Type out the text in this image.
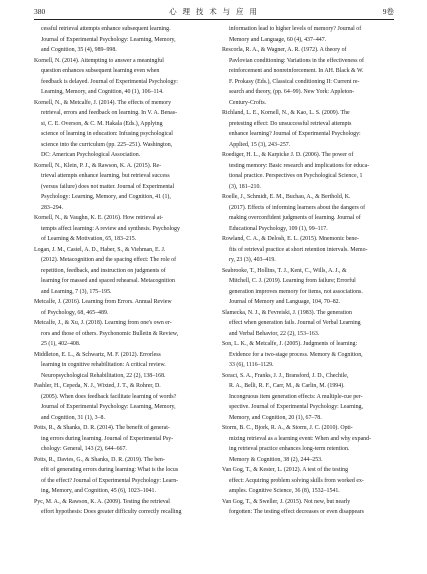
380	心 理 技 术 与 应 用	9卷
cessful retrieval attempts enhance subsequent learning.
Journal of Experimental Psychology: Learning, Memory,
and Cognition, 35 (4), 989–998.
Kornell, N. (2014). Attempting to answer a meaningful
question enhances subsequent learning even when
feedback is delayed. Journal of Experimental Psychology:
Learning, Memory, and Cognition, 40 (1), 106–114.
Kornell, N., & Metcalfe, J. (2014). The effects of memory
retrieval, errors and feedback on learning. In V. A. Benas-
si, C. E. Overson, & C. M. Hakala (Eds.), Applying
science of learning in education: Infusing psychological
science into the curriculum (pp. 225–251). Washington,
DC: American Psychological Association.
Kornell, N., Klein, P. J., & Rawson, K. A. (2015). Re-
trieval attempts enhance learning, but retrieval success
(versus failure) does not matter. Journal of Experimental
Psychology: Learning, Memory, and Cognition, 41 (1),
283–294.
Kornell, N., & Vaughn, K. E. (2016). How retrieval at-
tempts affect learning: A review and synthesis. Psychology
of Learning & Motivation, 65, 183–215.
Logan, J. M., Castel, A. D., Haber, S., & Viehman, E. J.
(2012). Metacognition and the spacing effect: The role of
repetition, feedback, and instruction on judgments of
learning for massed and spaced rehearsal. Metacognition
and Learning, 7 (3), 175–195.
Metcalfe, J. (2016). Learning from Errors. Annual Review
of Psychology, 68, 465–489.
Metcalfe, J., & Xu, J. (2018). Learning from one's own er-
rors and those of others. Psychonomic Bulletin & Review,
25 (1), 402–408.
Middleton, E. L., & Schwartz, M. F. (2012). Errorless
learning in cognitive rehabilitation: A critical review.
Neuropsychological Rehabilitation, 22 (2), 138–168.
Pashler, H., Cepeda, N. J., Wixted, J. T., & Rohrer, D.
(2005). When does feedback facilitate learning of words?
Journal of Experimental Psychology: Learning, Memory,
and Cognition, 31 (1), 3–8.
Potts, R., & Shanks, D. R. (2014). The benefit of generat-
ing errors during learning. Journal of Experimental Psy-
chology: General, 143 (2), 644–667.
Potts, R., Davies, G., & Shanks, D. R. (2019). The ben-
efit of generating errors during learning: What is the locus
of the effect? Journal of Experimental Psychology: Learn-
ing, Memory, and Cognition, 45 (6), 1023–1041.
Pyc, M. A., & Rawson, K. A. (2009). Testing the retrieval
effort hypothesis: Does greater difficulty correctly recalling
information lead to higher levels of memory? Journal of
Memory and Language, 60 (4), 437–447.
Rescorla, R. A., & Wagner, A. R. (1972). A theory of
Pavlovian conditioning: Variations in the effectiveness of
reinforcement and nonreinforcement. In AH. Black & W.
F. Prokasy (Eds.), Classical conditioning II: Current re-
search and theory, (pp. 64–99). New York: Appleton-
Century-Crofts.
Richland, L. E., Kornell, N., & Kao, L. S. (2009). The
pretesting effect: Do unsuccessful retrieval attempts
enhance learning? Journal of Experimental Psychology:
Applied, 15 (3), 243–257.
Roediger, H. L., & Karpicke J. D. (2006). The power of
testing memory: Basic research and implications for educa-
tional practice. Perspectives on Psychological Science, 1
(3), 181–210.
Roelle, J., Schmidt, E. M., Buchau, A., & Berthold, K.
(2017). Effects of informing learners about the dangers of
making overconfident judgments of learning. Journal of
Educational Psychology, 109 (1), 99–117.
Rowland, C. A., & Delosh, E. L. (2015). Mnemonic bene-
fits of retrieval practice at short retention intervals. Memo-
ry, 23 (3), 403–419.
Seabrooke, T., Hollins, T. J., Kent, C., Wills, A. J., &
Mitchell, C. J. (2019). Learning from failure; Errorful
generation improves memory for items, not associations.
Journal of Memory and Language, 104, 70–82.
Slamecka, N. J., & Fevreiski, J. (1983). The generation
effect when generation fails. Journal of Verbal Learning
and Verbal Behavior, 22 (2), 153–163.
Son, L. K., & Metcalfe, J. (2005). Judgments of learning:
Evidence for a two-stage process. Memory & Cognition,
33 (6), 1116–1129.
Soraci, S. A., Franks, J. J., Bransford, J. D., Chechile,
R. A., Belli, R. F., Carr, M., & Carlin, M. (1994).
Incongruous item generation effects: A multiple-cue per-
spective. Journal of Experimental Psychology: Learning,
Memory, and Cognition, 20 (1), 67–78.
Storm, B. C., Bjork, R. A., & Storm, J. C. (2010). Opti-
mizing retrieval as a learning event: When and why expand-
ing retrieval practice enhances long-term retention.
Memory & Cognition, 38 (2), 244–253.
Van Gog, T., & Kester, L. (2012). A test of the testing
effect: Acquiring problem solving skills from worked ex-
amples. Cognitive Science, 36 (8), 1532–1541.
Van Gog, T., & Sweller, J. (2015). Not new, but nearly
forgotten: The testing effect decreases or even disappears
